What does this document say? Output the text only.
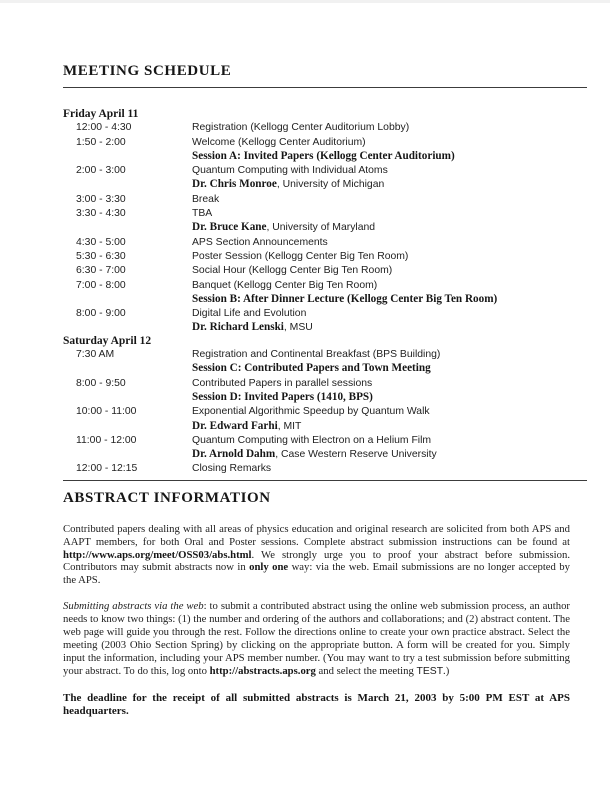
MEETING SCHEDULE
Friday April 11
12:00 - 4:30	Registration (Kellogg Center Auditorium Lobby)
1:50 - 2:00	Welcome (Kellogg Center Auditorium)
Session A: Invited Papers (Kellogg Center Auditorium)
2:00 - 3:00	Quantum Computing with Individual Atoms
Dr. Chris Monroe, University of Michigan
3:00 - 3:30	Break
3:30 - 4:30	TBA
Dr. Bruce Kane, University of Maryland
4:30 - 5:00	APS Section Announcements
5:30 - 6:30	Poster Session (Kellogg Center Big Ten Room)
6:30 - 7:00	Social Hour (Kellogg Center Big Ten Room)
7:00 - 8:00	Banquet (Kellogg Center Big Ten Room)
Session B: After Dinner Lecture (Kellogg Center Big Ten Room)
8:00 - 9:00	Digital Life and Evolution
Dr. Richard Lenski, MSU
Saturday April 12
7:30 AM	Registration and Continental Breakfast (BPS Building)
Session C: Contributed Papers and Town Meeting
8:00 - 9:50	Contributed Papers in parallel sessions
Session D: Invited Papers (1410, BPS)
10:00 - 11:00	Exponential Algorithmic Speedup by Quantum Walk
Dr. Edward Farhi, MIT
11:00 - 12:00	Quantum Computing with Electron on a Helium Film
Dr. Arnold Dahm, Case Western Reserve University
12:00 - 12:15	Closing Remarks
ABSTRACT INFORMATION

Contributed papers dealing with all areas of physics education and original research are solicited from both APS and AAPT members, for both Oral and Poster sessions. Complete abstract submission instructions can be found at http://www.aps.org/meet/OSS03/abs.html. We strongly urge you to proof your abstract before submission. Contributors may submit abstracts now in only one way: via the web. Email submissions are no longer accepted by the APS.

Submitting abstracts via the web: to submit a contributed abstract using the online web submission process, an author needs to know two things: (1) the number and ordering of the authors and collaborations; and (2) abstract content. The web page will guide you through the rest. Follow the directions online to create your own practice abstract. Select the meeting (2003 Ohio Section Spring) by clicking on the appropriate button. A form will be created for you. Simply input the information, including your APS member number. (You may want to try a test submission before submitting your abstract. To do this, log onto http://abstracts.aps.org and select the meeting TEST.)

The deadline for the receipt of all submitted abstracts is March 21, 2003 by 5:00 PM EST at APS headquarters.
